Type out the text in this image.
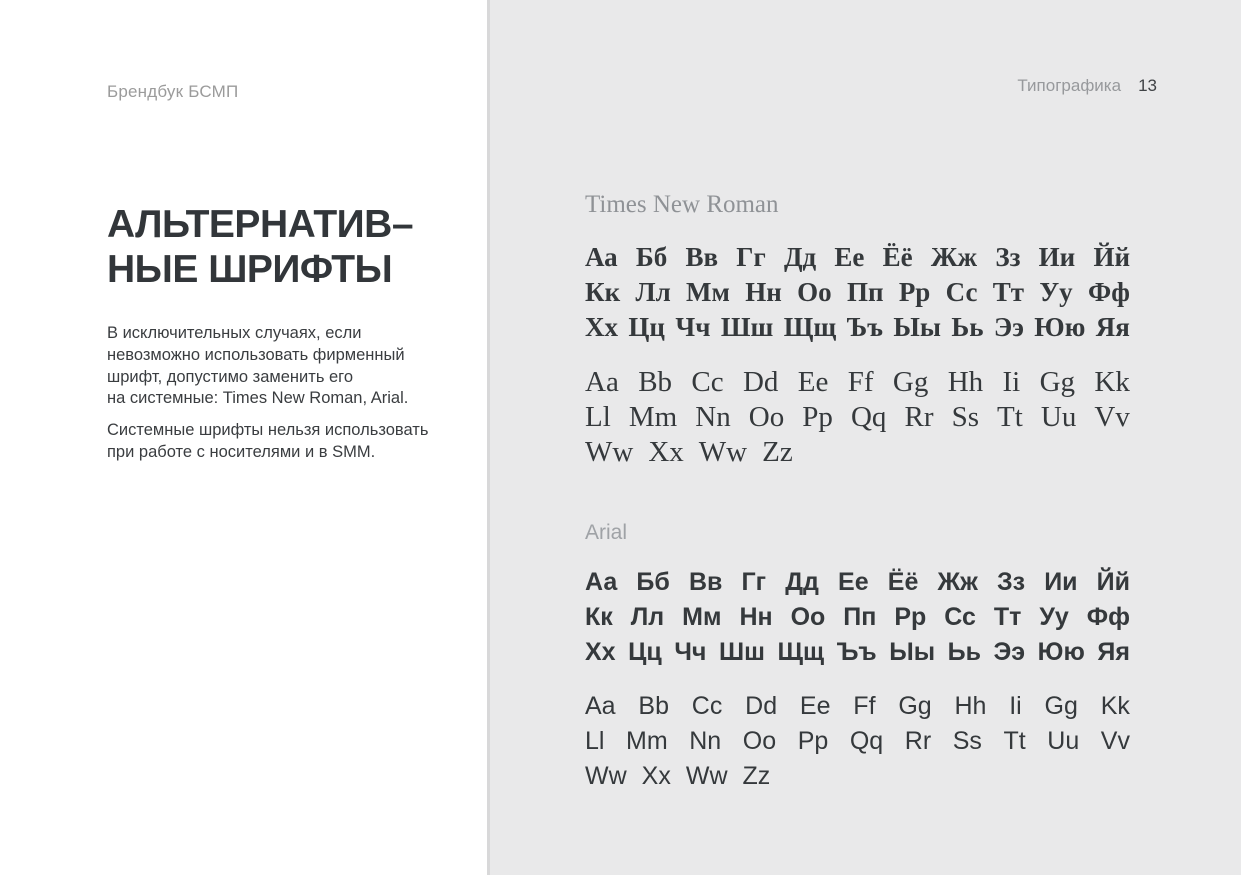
Брендбук БСМП
АЛЬТЕРНАТИВ–
НЫЕ ШРИФТЫ
В исключительных случаях, если
невозможно использовать фирменный
шрифт, допустимо заменить его
на системные: Times New Roman, Arial.
Системные шрифты нельзя использовать
при работе с носителями и в SMM.
Типографика 13
Times New Roman
Аа Бб Вв Гг Дд Ее Ёё Жж Зз Ии Йй
Кк Лл Мм Нн Оо Пп Рр Сс Тт Уу Фф
Хх Цц Чч Шш Щщ Ъъ Ыы Ьь Ээ Юю Яя
Aa Bb Cc Dd Ee Ff Gg Hh Ii Gg Kk
Ll Mm Nn Oo Pp Qq Rr Ss Tt Uu Vv
Ww Xx Ww Zz
Arial
Аа Бб Вв Гг Дд Ее Ёё Жж Зз Ии Йй
Кк Лл Мм Нн Оо Пп Рр Сс Тт Уу Фф
Хх Цц Чч Шш Щщ Ъъ Ыы Ьь Ээ Юю Яя
Aa Bb Cc Dd Ee Ff Gg Hh Ii Gg Kk
Ll Mm Nn Oo Pp Qq Rr Ss Tt Uu Vv
Ww Xx Ww Zz
